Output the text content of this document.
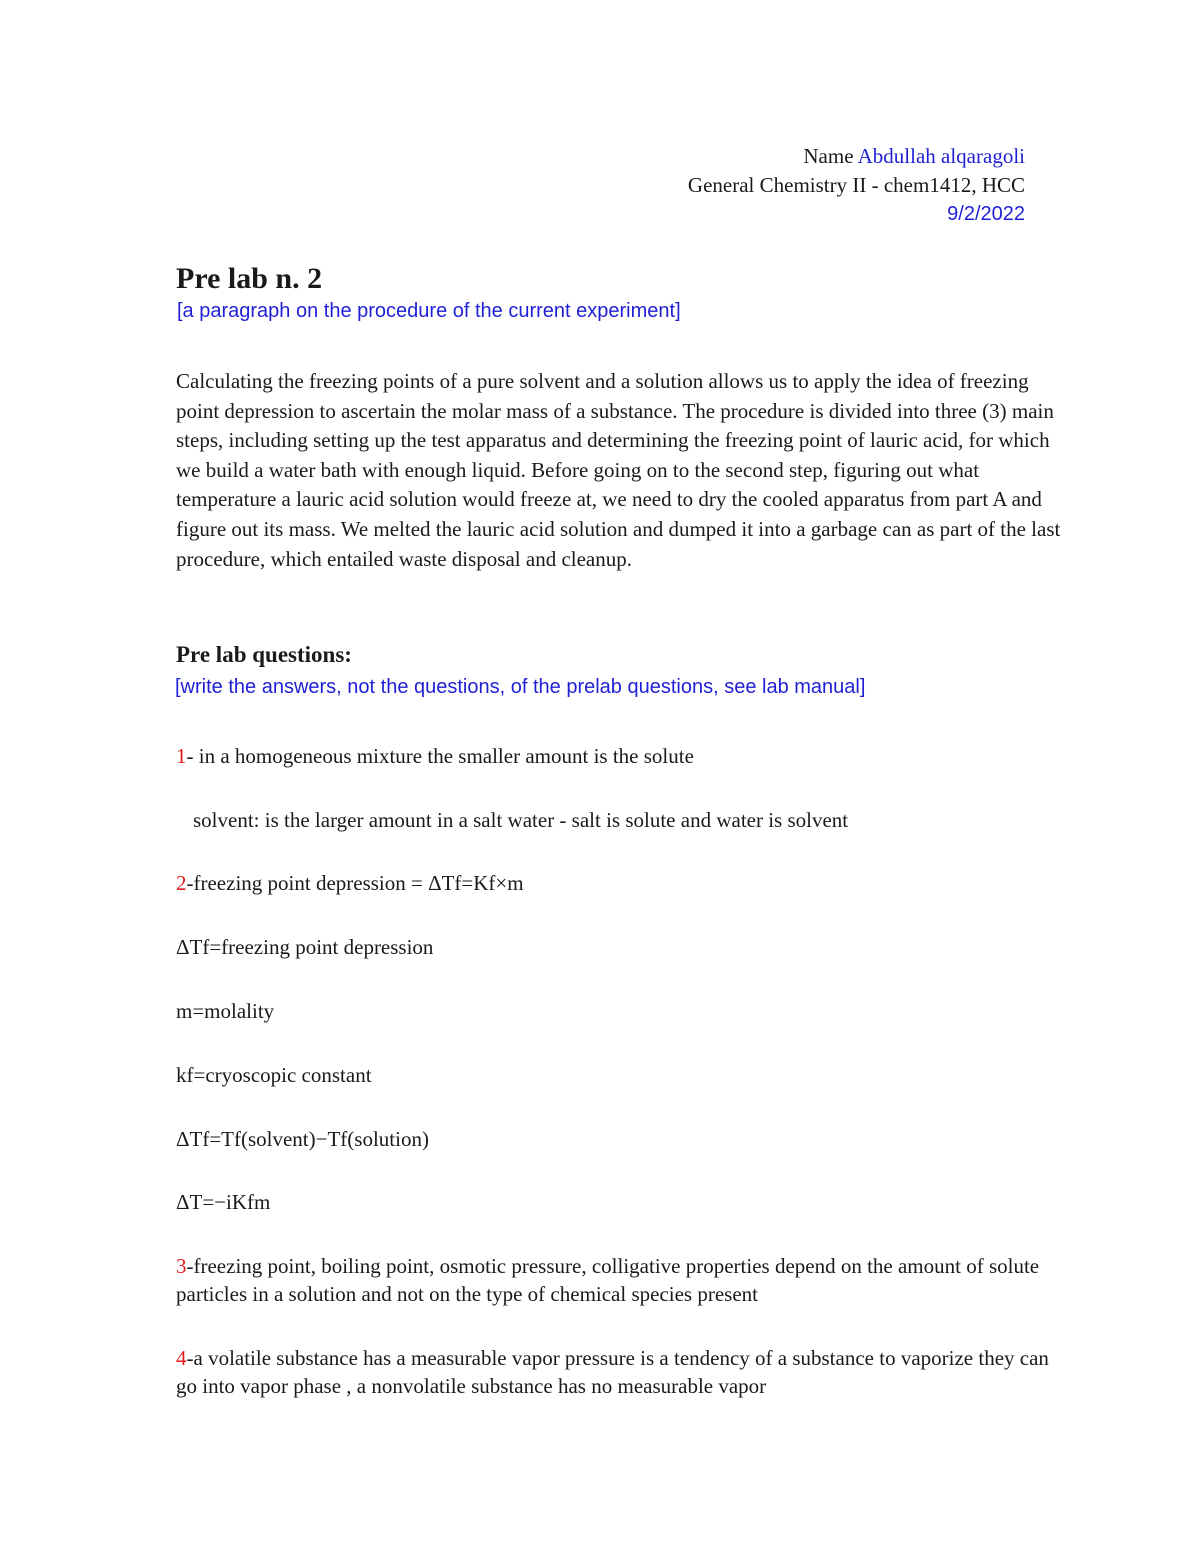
Name Abdullah alqaragoli
General Chemistry II - chem1412, HCC
9/2/2022
Pre lab n. 2

[a paragraph on the procedure of the current experiment]

Calculating the freezing points of a pure solvent and a solution allows us to apply the idea of freezing point depression to ascertain the molar mass of a substance. The procedure is divided into three (3) main steps, including setting up the test apparatus and determining the freezing point of lauric acid, for which we build a water bath with enough liquid. Before going on to the second step, figuring out what temperature a lauric acid solution would freeze at, we need to dry the cooled apparatus from part A and figure out its mass. We melted the lauric acid solution and dumped it into a garbage can as part of the last procedure, which entailed waste disposal and cleanup.

Pre lab questions:

[write the answers, not the questions, of the prelab questions, see lab manual]

1- in a homogeneous mixture the smaller amount is the solute

solvent: is the larger amount in a salt water - salt is solute and water is solvent

2-freezing point depression = ΔTf=Kf×m

ΔTf=freezing point depression

m=molality

kf=cryoscopic constant

ΔTf=Tf(solvent)−Tf(solution)

ΔT=−iKfm

3-freezing point, boiling point, osmotic pressure, colligative properties depend on the amount of solute particles in a solution and not on the type of chemical species present

4-a volatile substance has a measurable vapor pressure is a tendency of a substance to vaporize they can go into vapor phase , a nonvolatile substance has no measurable vapor
